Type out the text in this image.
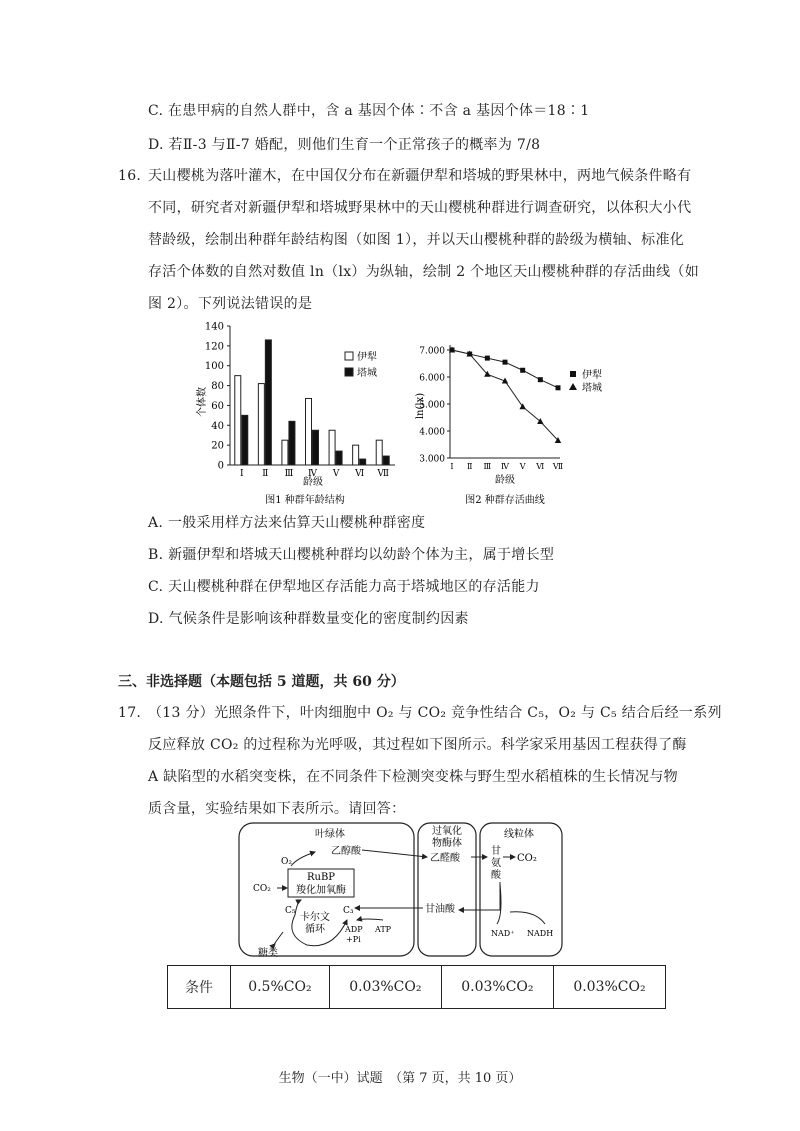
C. 在患甲病的自然人群中，含 a 基因个体∶不含 a 基因个体＝18∶1
D. 若Ⅱ-3 与Ⅱ-7 婚配，则他们生育一个正常孩子的概率为 7/8
16. 天山樱桃为落叶灌木，在中国仅分布在新疆伊犁和塔城的野果林中，两地气候条件略有
不同，研究者对新疆伊犁和塔城野果林中的天山樱桃种群进行调查研究，以体积大小代
替龄级，绘制出种群年龄结构图（如图 1），并以天山樱桃种群的龄级为横轴、标准化
存活个体数的自然对数值 ln（lx）为纵轴，绘制 2 个地区天山樱桃种群的存活曲线（如
图 2）。下列说法错误的是
个体数
0
20
40
60
80
100
120
140
Ⅰ Ⅱ Ⅲ Ⅳ Ⅴ Ⅵ Ⅶ
龄级
图1 种群年龄结构
伊犁
塔城
ln(lx)
3.000
4.000
5.000
6.000
7.000
Ⅰ Ⅱ Ⅲ Ⅳ Ⅴ Ⅵ Ⅶ
龄级
图2 种群存活曲线
伊犁
塔城
A. 一般采用样方法来估算天山樱桃种群密度
B. 新疆伊犁和塔城天山樱桃种群均以幼龄个体为主，属于增长型
C. 天山樱桃种群在伊犁地区存活能力高于塔城地区的存活能力
D. 气候条件是影响该种群数量变化的密度制约因素
三、非选择题（本题包括 5 道题，共 60 分）
17. （13 分）光照条件下，叶肉细胞中 O₂ 与 CO₂ 竞争性结合 C₅，O₂ 与 C₅ 结合后经一系列
反应释放 CO₂ 的过程称为光呼吸，其过程如下图所示。科学家采用基因工程获得了酶
A 缺陷型的水稻突变株，在不同条件下检测突变株与野生型水稻植株的生长情况与物
质含量，实验结果如下表所示。请回答：
叶绿体	过氧化
物酶体
线粒体
O₂
乙醇酸
乙醛酸
甘
氨
酸
CO₂
RuBP
羧化加氧酶
CO₂
C₅	C₃
卡尔文
循环
甘油酸
ADP
+Pi
ATP
糖类
NAD⁺ NADH
条件	0.5%CO₂	0.03%CO₂	0.03%CO₂	0.03%CO₂
生物（一中）试题　（第 7 页，共 10 页）
